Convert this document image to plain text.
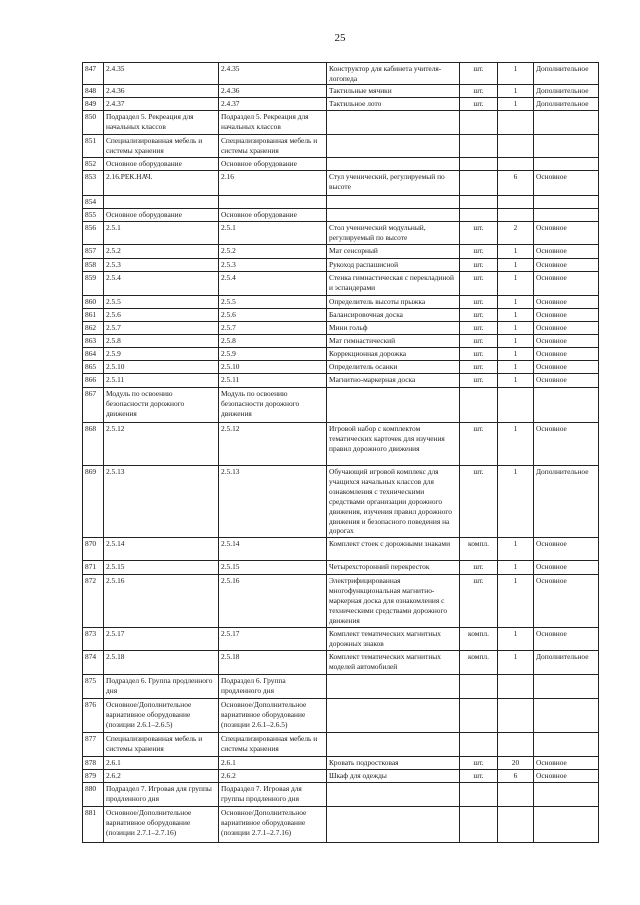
25
847	2.4.35	2.4.35	Конструктор для кабинета учителя-логопеда	шт.	1	Дополнительное

848	2.4.36	2.4.36	Тактильные мячики	шт.	1	Дополнительное

849	2.4.37	2.4.37	Тактильное лото	шт.	1	Дополнительное

850	Подраздел 5. Рекреация для начальных классов	Подраздел 5. Рекреация для начальных классов				

851	Специализированная мебель и системы хранения	Специализированная мебель и системы хранения				

852	Основное оборудование	Основное оборудование				

853	2.16.РЕК.НАЧ.	2.16	Стул ученический, регулируемый по высоте		6	Основное

854						

855	Основное оборудование	Основное оборудование				

856	2.5.1	2.5.1	Стол ученический модульный, регулируемый по высоте	шт.	2	Основное

857	2.5.2	2.5.2	Мат сенсорный	шт.	1	Основное

858	2.5.3	2.5.3	Рукоход распашисной	шт.	1	Основное

859	2.5.4	2.5.4	Стенка гимнастическая с перекладиной и эспандерами	шт.	1	Основное

860	2.5.5	2.5.5	Определитель высоты прыжка	шт.	1	Основное

861	2.5.6	2.5.6	Балансировочная доска	шт.	1	Основное

862	2.5.7	2.5.7	Мини гольф	шт.	1	Основное

863	2.5.8	2.5.8	Мат гимнастический	шт.	1	Основное

864	2.5.9	2.5.9	Коррекционная дорожка	шт.	1	Основное

865	2.5.10	2.5.10	Определитель осанки	шт.	1	Основное

866	2.5.11	2.5.11	Магнитно-маркерная доска	шт.	1	Основное

867	Модуль по освоению безопасности дорожного движения	Модуль по освоению безопасности дорожного движения				

868	2.5.12	2.5.12	Игровой набор с комплектом тематических карточек для изучения правил дорожного движения	шт.	1	Основное

869	2.5.13	2.5.13	Обучающий игровой комплекс для учащихся начальных классов для ознакомления с техническими средствами организации дорожного движения, изучения правил дорожного движения и безопасного поведения на дорогах	шт.	1	Дополнительное

870	2.5.14	2.5.14	Комплект стоек с дорожными знаками	компл.	1	Основное

871	2.5.15	2.5.15	Четырехсторонний перекресток	шт.	1	Основное

872	2.5.16	2.5.16	Электрифицированная многофункциональная магнитно-маркерная доска для ознакомления с техническими средствами дорожного движения	шт.	1	Основное

873	2.5.17	2.5.17	Комплект тематических магнитных дорожных знаков	компл.	1	Основное

874	2.5.18	2.5.18	Комплект тематических магнитных моделей автомобилей	компл.	1	Дополнительное

875	Подраздел 6. Группа продленного дня	Подраздел 6. Группа продленного дня				

876	Основное/Дополнительное вариативное оборудование (позиции 2.6.1–2.6.5)	Основное/Дополнительное вариативное оборудование (позиции 2.6.1–2.6.5)				

877	Специализированная мебель и системы хранения	Специализированная мебель и системы хранения				

878	2.6.1	2.6.1	Кровать подростковая	шт.	20	Основное

879	2.6.2	2.6.2	Шкаф для одежды	шт.	6	Основное

880	Подраздел 7. Игровая для группы продленного дня	Подраздел 7. Игровая для группы продленного дня				

881	Основное/Дополнительное вариативное оборудование (позиции 2.7.1–2.7.16)	Основное/Дополнительное вариативное оборудование (позиции 2.7.1–2.7.16)				
